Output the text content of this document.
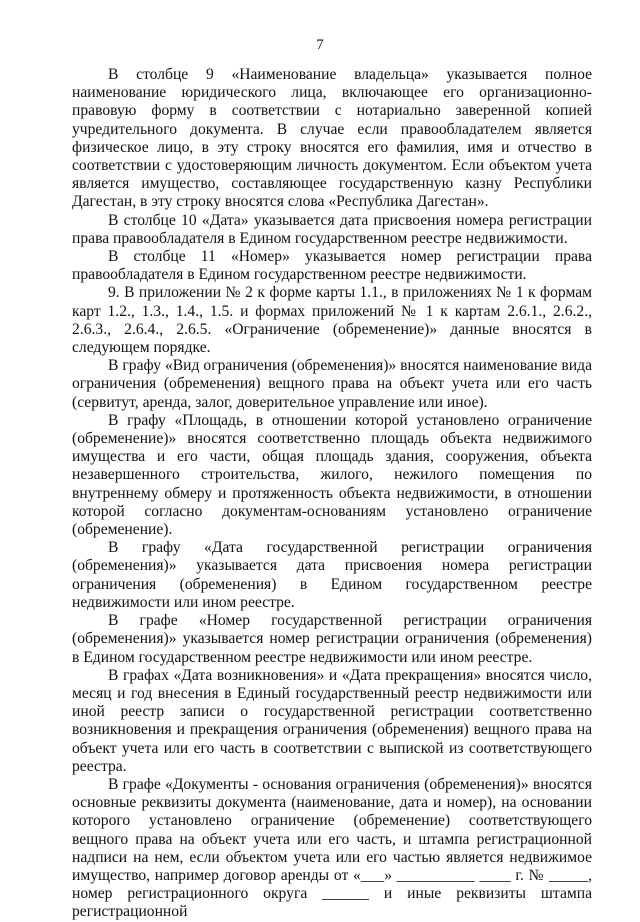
7

В столбце 9 «Наименование владельца» указывается полное наименование юридического лица, включающее его организационно-правовую форму в соответствии с нотариально заверенной копией учредительного документа. В случае если правообладателем является физическое лицо, в эту строку вносятся его фамилия, имя и отчество в соответствии с удостоверяющим личность документом. Если объектом учета является имущество, составляющее государственную казну Республики Дагестан, в эту строку вносятся слова «Республика Дагестан».

В столбце 10 «Дата» указывается дата присвоения номера регистрации права правообладателя в Едином государственном реестре недвижимости.

В столбце 11 «Номер» указывается номер регистрации права правообладателя в Едином государственном реестре недвижимости.

9. В приложении № 2 к форме карты 1.1., в приложениях № 1 к формам карт 1.2., 1.3., 1.4., 1.5. и формах приложений № 1 к картам 2.6.1., 2.6.2., 2.6.3., 2.6.4., 2.6.5. «Ограничение (обременение)» данные вносятся в следующем порядке.

В графу «Вид ограничения (обременения)» вносятся наименование вида ограничения (обременения) вещного права на объект учета или его часть (сервитут, аренда, залог, доверительное управление или иное).

В графу «Площадь, в отношении которой установлено ограничение (обременение)» вносятся соответственно площадь объекта недвижимого имущества и его части, общая площадь здания, сооружения, объекта незавершенного строительства, жилого, нежилого помещения по внутреннему обмеру и протяженность объекта недвижимости, в отношении которой согласно документам-основаниям установлено ограничение (обременение).

В графу «Дата государственной регистрации ограничения (обременения)» указывается дата присвоения номера регистрации ограничения (обременения) в Едином государственном реестре недвижимости или ином реестре.

В графе «Номер государственной регистрации ограничения (обременения)» указывается номер регистрации ограничения (обременения) в Едином государственном реестре недвижимости или ином реестре.

В графах «Дата возникновения» и «Дата прекращения» вносятся число, месяц и год внесения в Единый государственный реестр недвижимости или иной реестр записи о государственной регистрации соответственно возникновения и прекращения ограничения (обременения) вещного права на объект учета или его часть в соответствии с выпиской из соответствующего реестра.

В графе «Документы - основания ограничения (обременения)» вносятся основные реквизиты документа (наименование, дата и номер), на основании которого установлено ограничение (обременение) соответствующего вещного права на объект учета или его часть, и штампа регистрационной надписи на нем, если объектом учета или его частью является недвижимое имущество, например договор аренды от «___» __________ ____ г. № _____, номер регистрационного округа ______ и иные реквизиты штампа регистрационной
